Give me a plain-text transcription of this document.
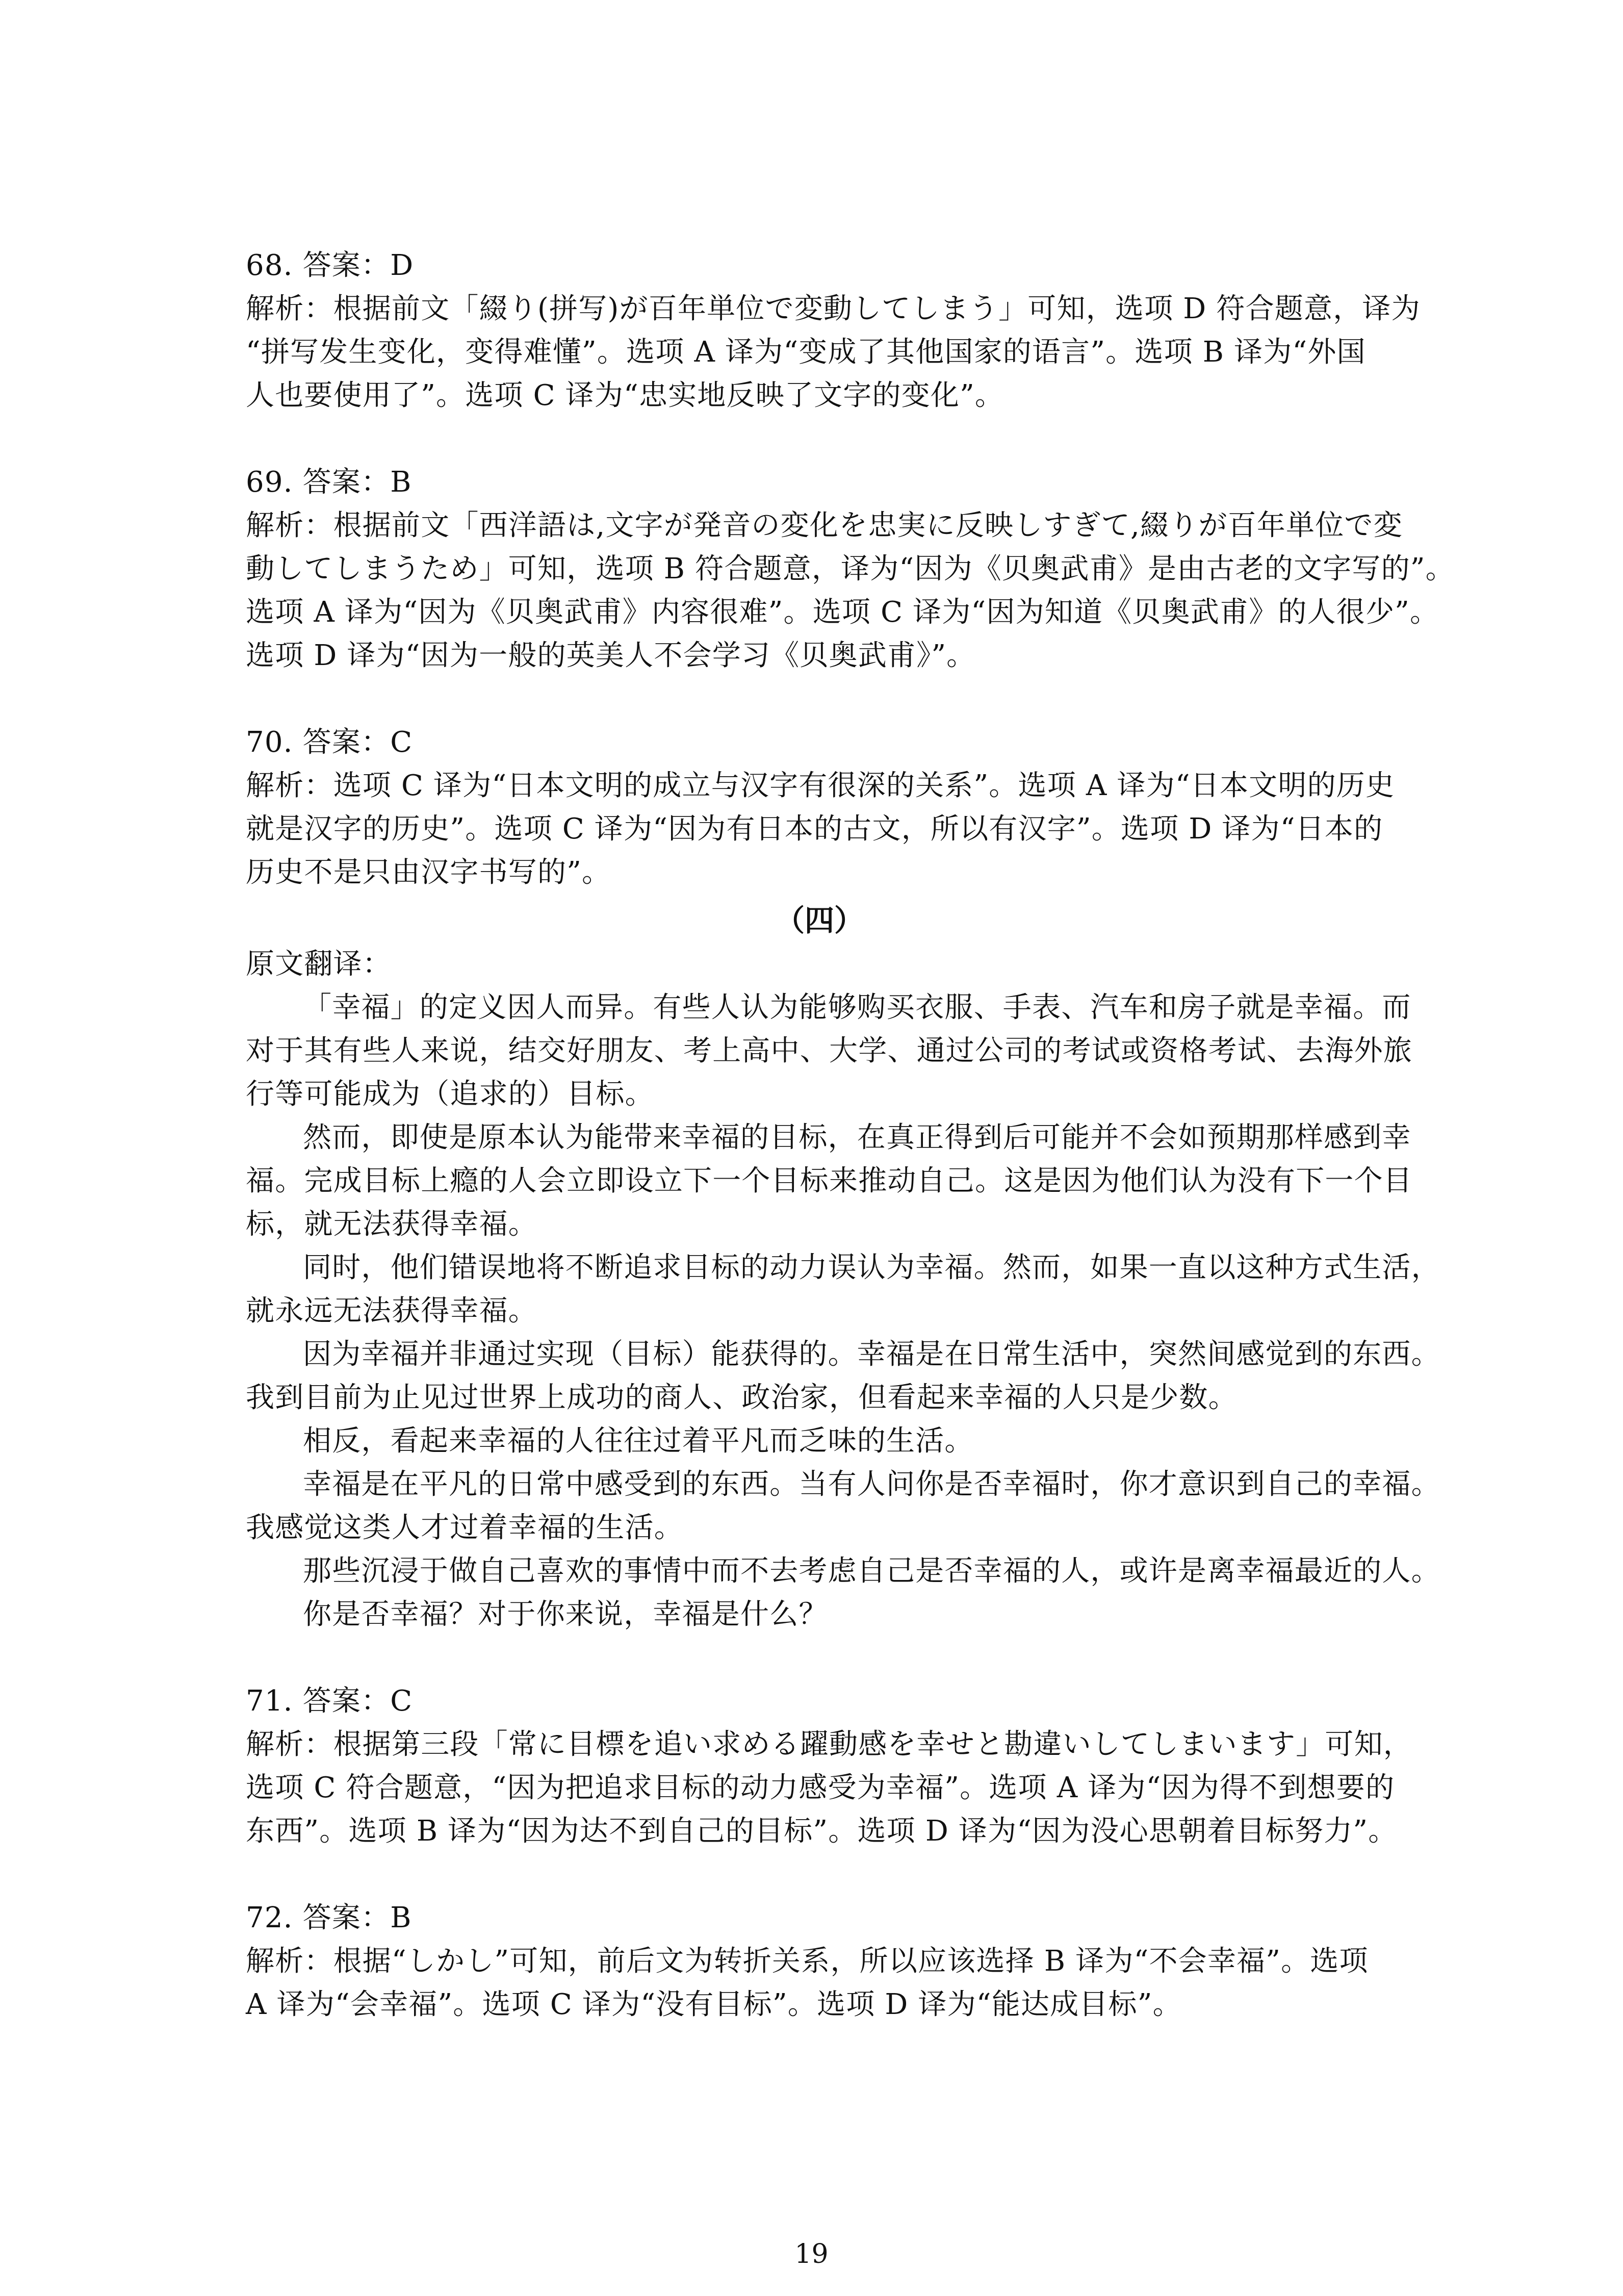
68. 答案：D
解析：根据前文「綴り(拼写)が百年単位で変動してしまう」可知，选项 D 符合题意，译为
“拼写发生变化，变得难懂”。选项 A 译为“变成了其他国家的语言”。选项 B 译为“外国
人也要使用了”。选项 C 译为“忠实地反映了文字的变化”。
69. 答案：B
解析：根据前文「西洋語は,文字が発音の変化を忠実に反映しすぎて,綴りが百年単位で変
動してしまうため」可知，选项 B 符合题意，译为“因为《贝奥武甫》是由古老的文字写的”。
选项 A 译为“因为《贝奥武甫》内容很难”。选项 C 译为“因为知道《贝奥武甫》的人很少”。
选项 D 译为“因为一般的英美人不会学习《贝奥武甫》”。
70. 答案：C
解析：选项 C 译为“日本文明的成立与汉字有很深的关系”。选项 A 译为“日本文明的历史
就是汉字的历史”。选项 C 译为“因为有日本的古文，所以有汉字”。选项 D 译为“日本的
历史不是只由汉字书写的”。
（四）
原文翻译：
「幸福」的定义因人而异。有些人认为能够购买衣服、手表、汽车和房子就是幸福。而
对于其有些人来说，结交好朋友、考上高中、大学、通过公司的考试或资格考试、去海外旅
行等可能成为（追求的）目标。
然而，即使是原本认为能带来幸福的目标，在真正得到后可能并不会如预期那样感到幸
福。完成目标上瘾的人会立即设立下一个目标来推动自己。这是因为他们认为没有下一个目
标，就无法获得幸福。
同时，他们错误地将不断追求目标的动力误认为幸福。然而，如果一直以这种方式生活，
就永远无法获得幸福。
因为幸福并非通过实现（目标）能获得的。幸福是在日常生活中，突然间感觉到的东西。
我到目前为止见过世界上成功的商人、政治家，但看起来幸福的人只是少数。
相反，看起来幸福的人往往过着平凡而乏味的生活。
幸福是在平凡的日常中感受到的东西。当有人问你是否幸福时，你才意识到自己的幸福。
我感觉这类人才过着幸福的生活。
那些沉浸于做自己喜欢的事情中而不去考虑自己是否幸福的人，或许是离幸福最近的人。
你是否幸福？对于你来说，幸福是什么？
71. 答案：C
解析：根据第三段「常に目標を追い求める躍動感を幸せと勘違いしてしまいます」可知，
选项 C 符合题意，“因为把追求目标的动力感受为幸福”。选项 A 译为“因为得不到想要的
东西”。选项 B 译为“因为达不到自己的目标”。选项 D 译为“因为没心思朝着目标努力”。
72. 答案：B
解析：根据“しかし”可知，前后文为转折关系，所以应该选择 B 译为“不会幸福”。选项
A 译为“会幸福”。选项 C 译为“没有目标”。选项 D 译为“能达成目标”。
19
